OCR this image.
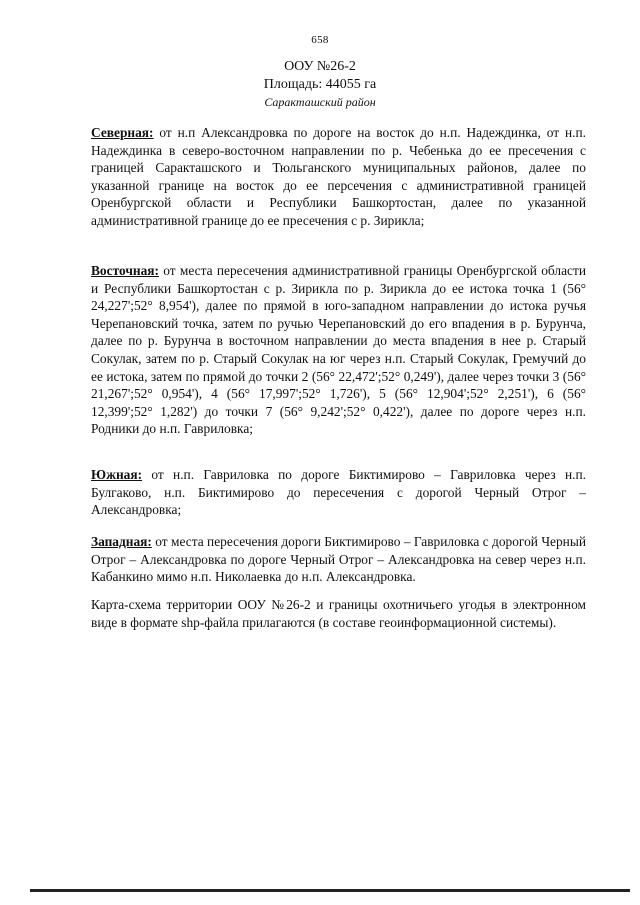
658
ООУ №26-2
Площадь: 44055 га
Саракташский район
Северная: от н.п Александровка по дороге на восток до н.п. Надеждинка, от н.п. Надеждинка в северо-восточном направлении по р. Чебенька до ее пресечения с границей Саракташского и Тюльганского муниципальных районов, далее по указанной границе на восток до ее персечения с административной границей Оренбургской области и Республики Башкортостан, далее по указанной административной границе до ее пресечения с р. Зирикла;
Восточная: от места пересечения административной границы Оренбургской области и Республики Башкортостан с р. Зирикла по р. Зирикла до ее истока точка 1 (56° 24,227';52° 8,954'), далее по прямой в юго-западном направлении до истока ручья Черепановский точка, затем по ручью Черепановский до его впадения в р. Бурунча, далее по р. Бурунча в восточном направлении до места впадения в нее р. Старый Сокулак, затем по р. Старый Сокулак на юг через н.п. Старый Сокулак, Гремучий до ее истока, затем по прямой до точки 2 (56° 22,472';52° 0,249'), далее через точки 3 (56° 21,267';52° 0,954'), 4 (56° 17,997';52° 1,726'), 5 (56° 12,904';52° 2,251'), 6 (56° 12,399';52° 1,282') до точки 7 (56° 9,242';52° 0,422'), далее по дороге через н.п. Родники до н.п. Гавриловка;
Южная: от н.п. Гавриловка по дороге Биктимирово – Гавриловка через н.п. Булгаково, н.п. Биктимирово до пересечения с дорогой Черный Отрог – Александровка;
Западная: от места пересечения дороги Биктимирово – Гавриловка с дорогой Черный Отрог – Александровка по дороге Черный Отрог – Александровка на север через н.п. Кабанкино мимо н.п. Николаевка до н.п. Александровка.
Карта-схема территории ООУ №26-2 и границы охотничьего угодья в электронном виде в формате shp-файла прилагаются (в составе геоинформационной системы).
